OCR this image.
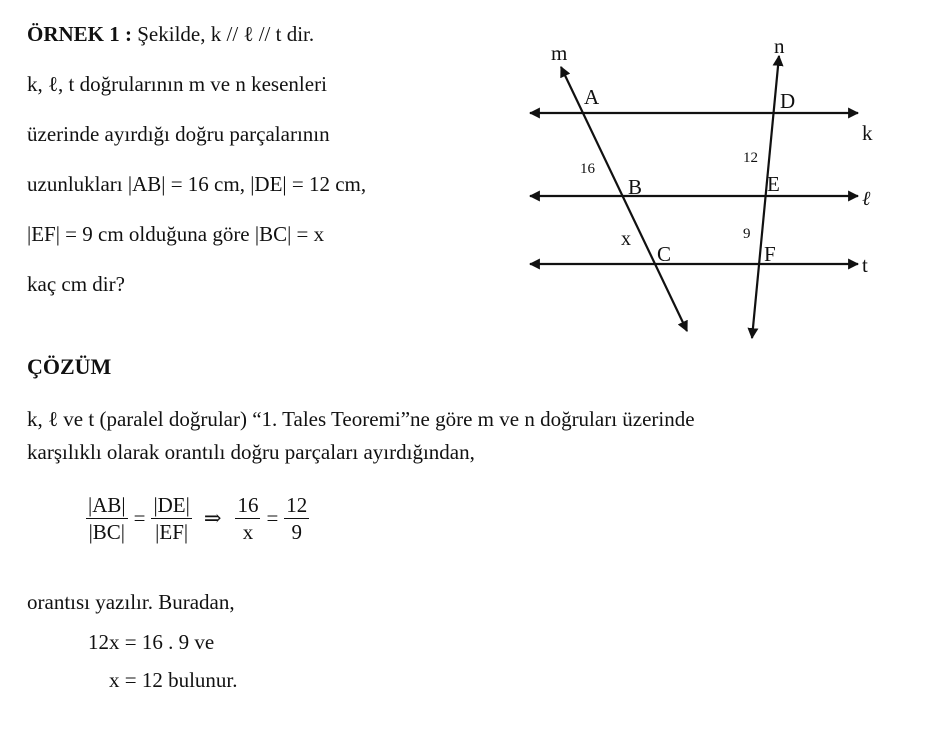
ÖRNEK 1 : Şekilde, k // ℓ // t dir.
k, ℓ, t doğrularının m ve n kesenleri
üzerinde ayırdığı doğru parçalarının
uzunlukları |AB| = 16 cm, |DE| = 12 cm,
|EF| = 9 cm olduğuna göre |BC| = x
kaç cm dir?
m	n
k
ℓ
t
A	D
B	E
C	F
16
x
12
9
ÇÖZÜM
k, ℓ ve t (paralel doğrular) “1. Tales Teoremi”ne göre m ve n doğruları üzerinde
karşılıklı olarak orantılı doğru parçaları ayırdığından,
$\frac{|AB|}{|BC|} = \frac{|DE|}{|EF|}$ ⇒ $\frac{16}{x} = \frac{12}{9}$
orantısı yazılır. Buradan,
12x = 16 . 9 ve
x = 12 bulunur.
